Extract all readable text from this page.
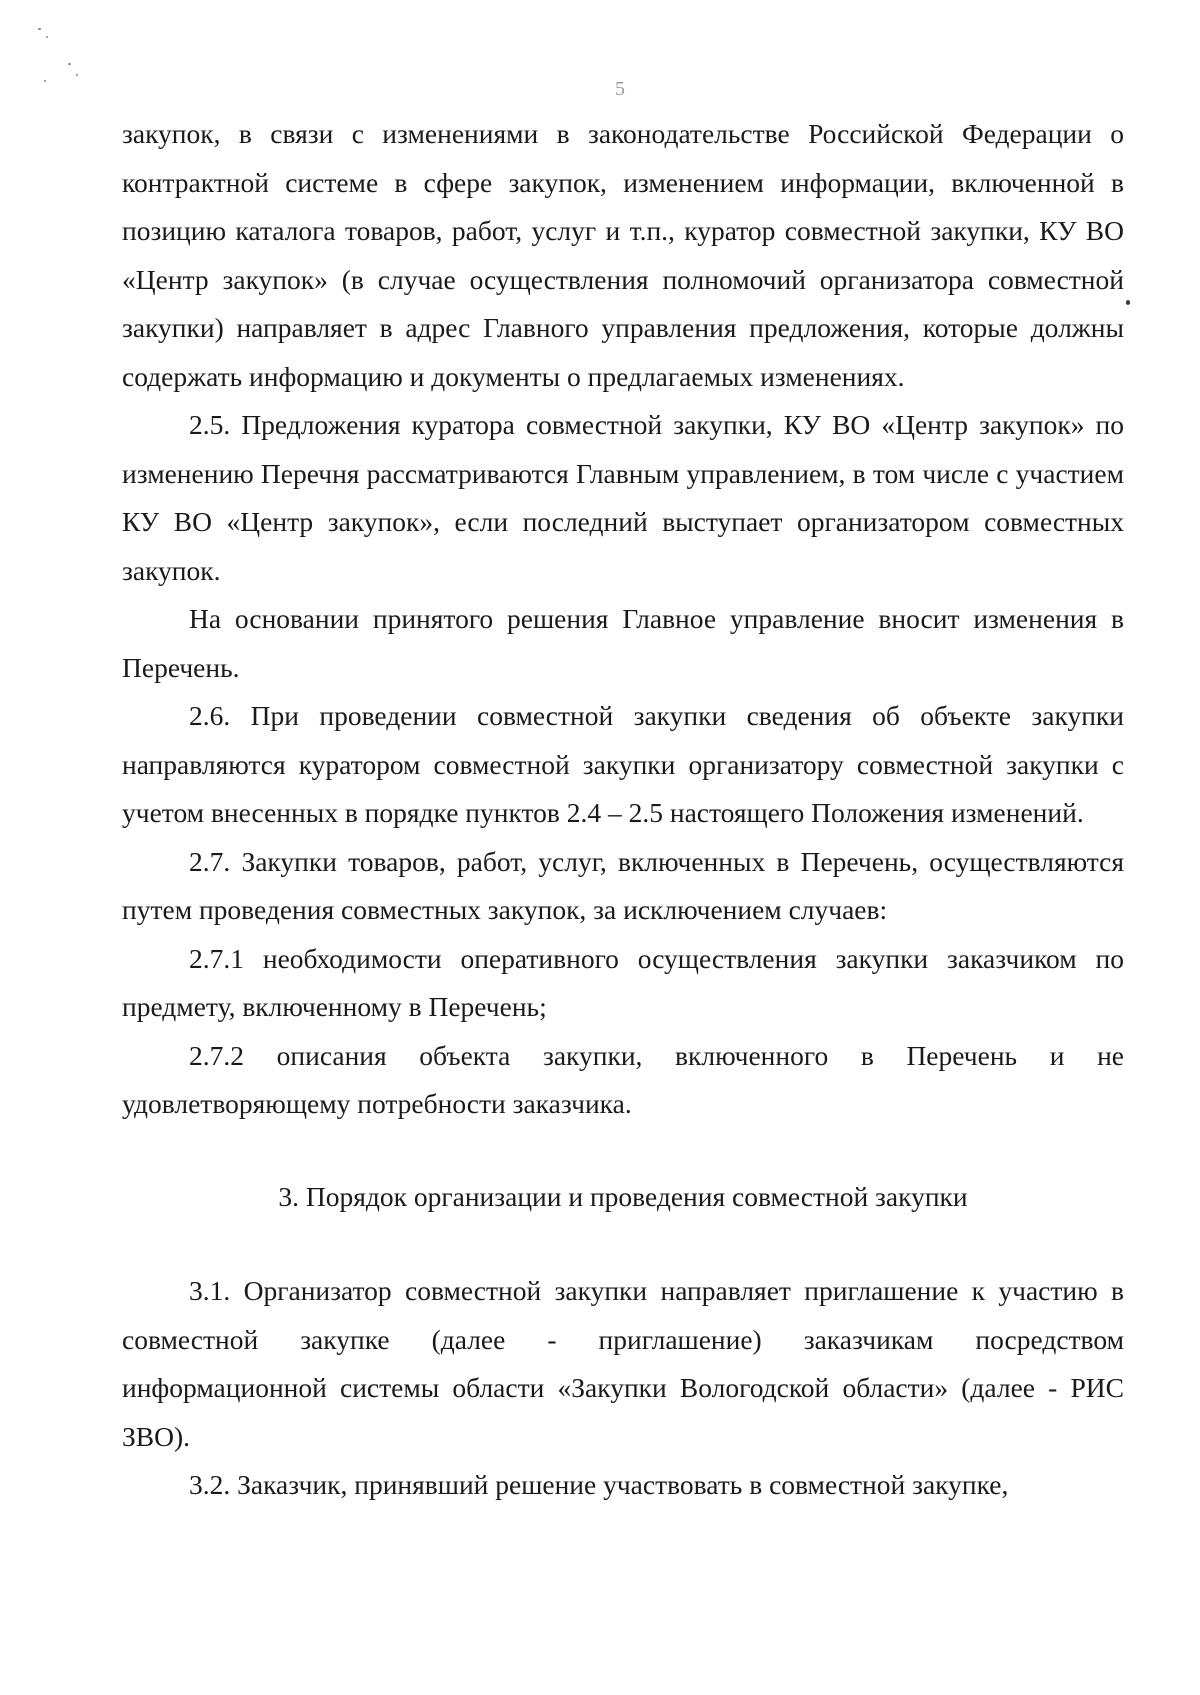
5

закупок, в связи с изменениями в законодательстве Российской Федерации о контрактной системе в сфере закупок, изменением информации, включенной в позицию каталога товаров, работ, услуг и т.п., куратор совместной закупки, КУ ВО «Центр закупок» (в случае осуществления полномочий организатора совместной закупки) направляет в адрес Главного управления предложения, которые должны содержать информацию и документы о предлагаемых изменениях.

2.5. Предложения куратора совместной закупки, КУ ВО «Центр закупок» по изменению Перечня рассматриваются Главным управлением, в том числе с участием КУ ВО «Центр закупок», если последний выступает организатором совместных закупок.

На основании принятого решения Главное управление вносит изменения в Перечень.

2.6. При проведении совместной закупки сведения об объекте закупки направляются куратором совместной закупки организатору совместной закупки с учетом внесенных в порядке пунктов 2.4 – 2.5 настоящего Положения изменений.

2.7. Закупки товаров, работ, услуг, включенных в Перечень, осуществляются путем проведения совместных закупок, за исключением случаев:

2.7.1 необходимости оперативного осуществления закупки заказчиком по предмету, включенному в Перечень;

2.7.2 описания объекта закупки, включенного в Перечень и не удовлетворяющему потребности заказчика.

3. Порядок организации и проведения совместной закупки

3.1. Организатор совместной закупки направляет приглашение к участию в совместной закупке (далее - приглашение) заказчикам посредством информационной системы области «Закупки Вологодской области» (далее - РИС ЗВО).

3.2. Заказчик, принявший решение участвовать в совместной закупке,
